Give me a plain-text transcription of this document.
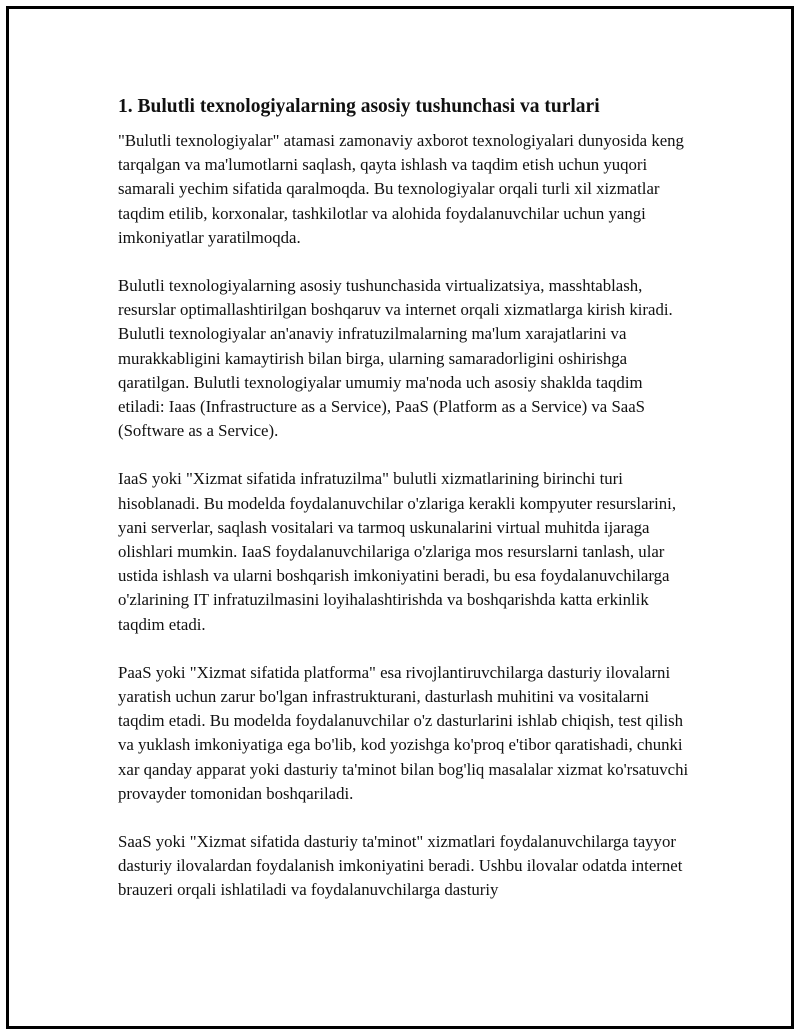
1. Bulutli texnologiyalarning asosiy tushunchasi va turlari

"Bulutli texnologiyalar" atamasi zamonaviy axborot texnologiyalari dunyosida keng tarqalgan va ma'lumotlarni saqlash, qayta ishlash va taqdim etish uchun yuqori samarali yechim sifatida qaralmoqda. Bu texnologiyalar orqali turli xil xizmatlar taqdim etilib, korxonalar, tashkilotlar va alohida foydalanuvchilar uchun yangi imkoniyatlar yaratilmoqda.

Bulutli texnologiyalarning asosiy tushunchasida virtualizatsiya, masshtablash, resurslar optimallashtirilgan boshqaruv va internet orqali xizmatlarga kirish kiradi. Bulutli texnologiyalar an'anaviy infratuzilmalarning ma'lum xarajatlarini va murakkabligini kamaytirish bilan birga, ularning samaradorligini oshirishga qaratilgan. Bulutli texnologiyalar umumiy ma'noda uch asosiy shaklda taqdim etiladi: Iaas (Infrastructure as a Service), PaaS (Platform as a Service) va SaaS (Software as a Service).

IaaS yoki "Xizmat sifatida infratuzilma" bulutli xizmatlarining birinchi turi hisoblanadi. Bu modelda foydalanuvchilar o'zlariga kerakli kompyuter resurslarini, yani serverlar, saqlash vositalari va tarmoq uskunalarini virtual muhitda ijaraga olishlari mumkin. IaaS foydalanuvchilariga o'zlariga mos resurslarni tanlash, ular ustida ishlash va ularni boshqarish imkoniyatini beradi, bu esa foydalanuvchilarga o'zlarining IT infratuzilmasini loyihalashtirishda va boshqarishda katta erkinlik taqdim etadi.

PaaS yoki "Xizmat sifatida platforma" esa rivojlantiruvchilarga dasturiy ilovalarni yaratish uchun zarur bo'lgan infrastrukturani, dasturlash muhitini va vositalarni taqdim etadi. Bu modelda foydalanuvchilar o'z dasturlarini ishlab chiqish, test qilish va yuklash imkoniyatiga ega bo'lib, kod yozishga ko'proq e'tibor qaratishadi, chunki xar qanday apparat yoki dasturiy ta'minot bilan bog'liq masalalar xizmat ko'rsatuvchi provayder tomonidan boshqariladi.

SaaS yoki "Xizmat sifatida dasturiy ta'minot" xizmatlari foydalanuvchilarga tayyor dasturiy ilovalardan foydalanish imkoniyatini beradi. Ushbu ilovalar odatda internet brauzeri orqali ishlatiladi va foydalanuvchilarga dasturiy
